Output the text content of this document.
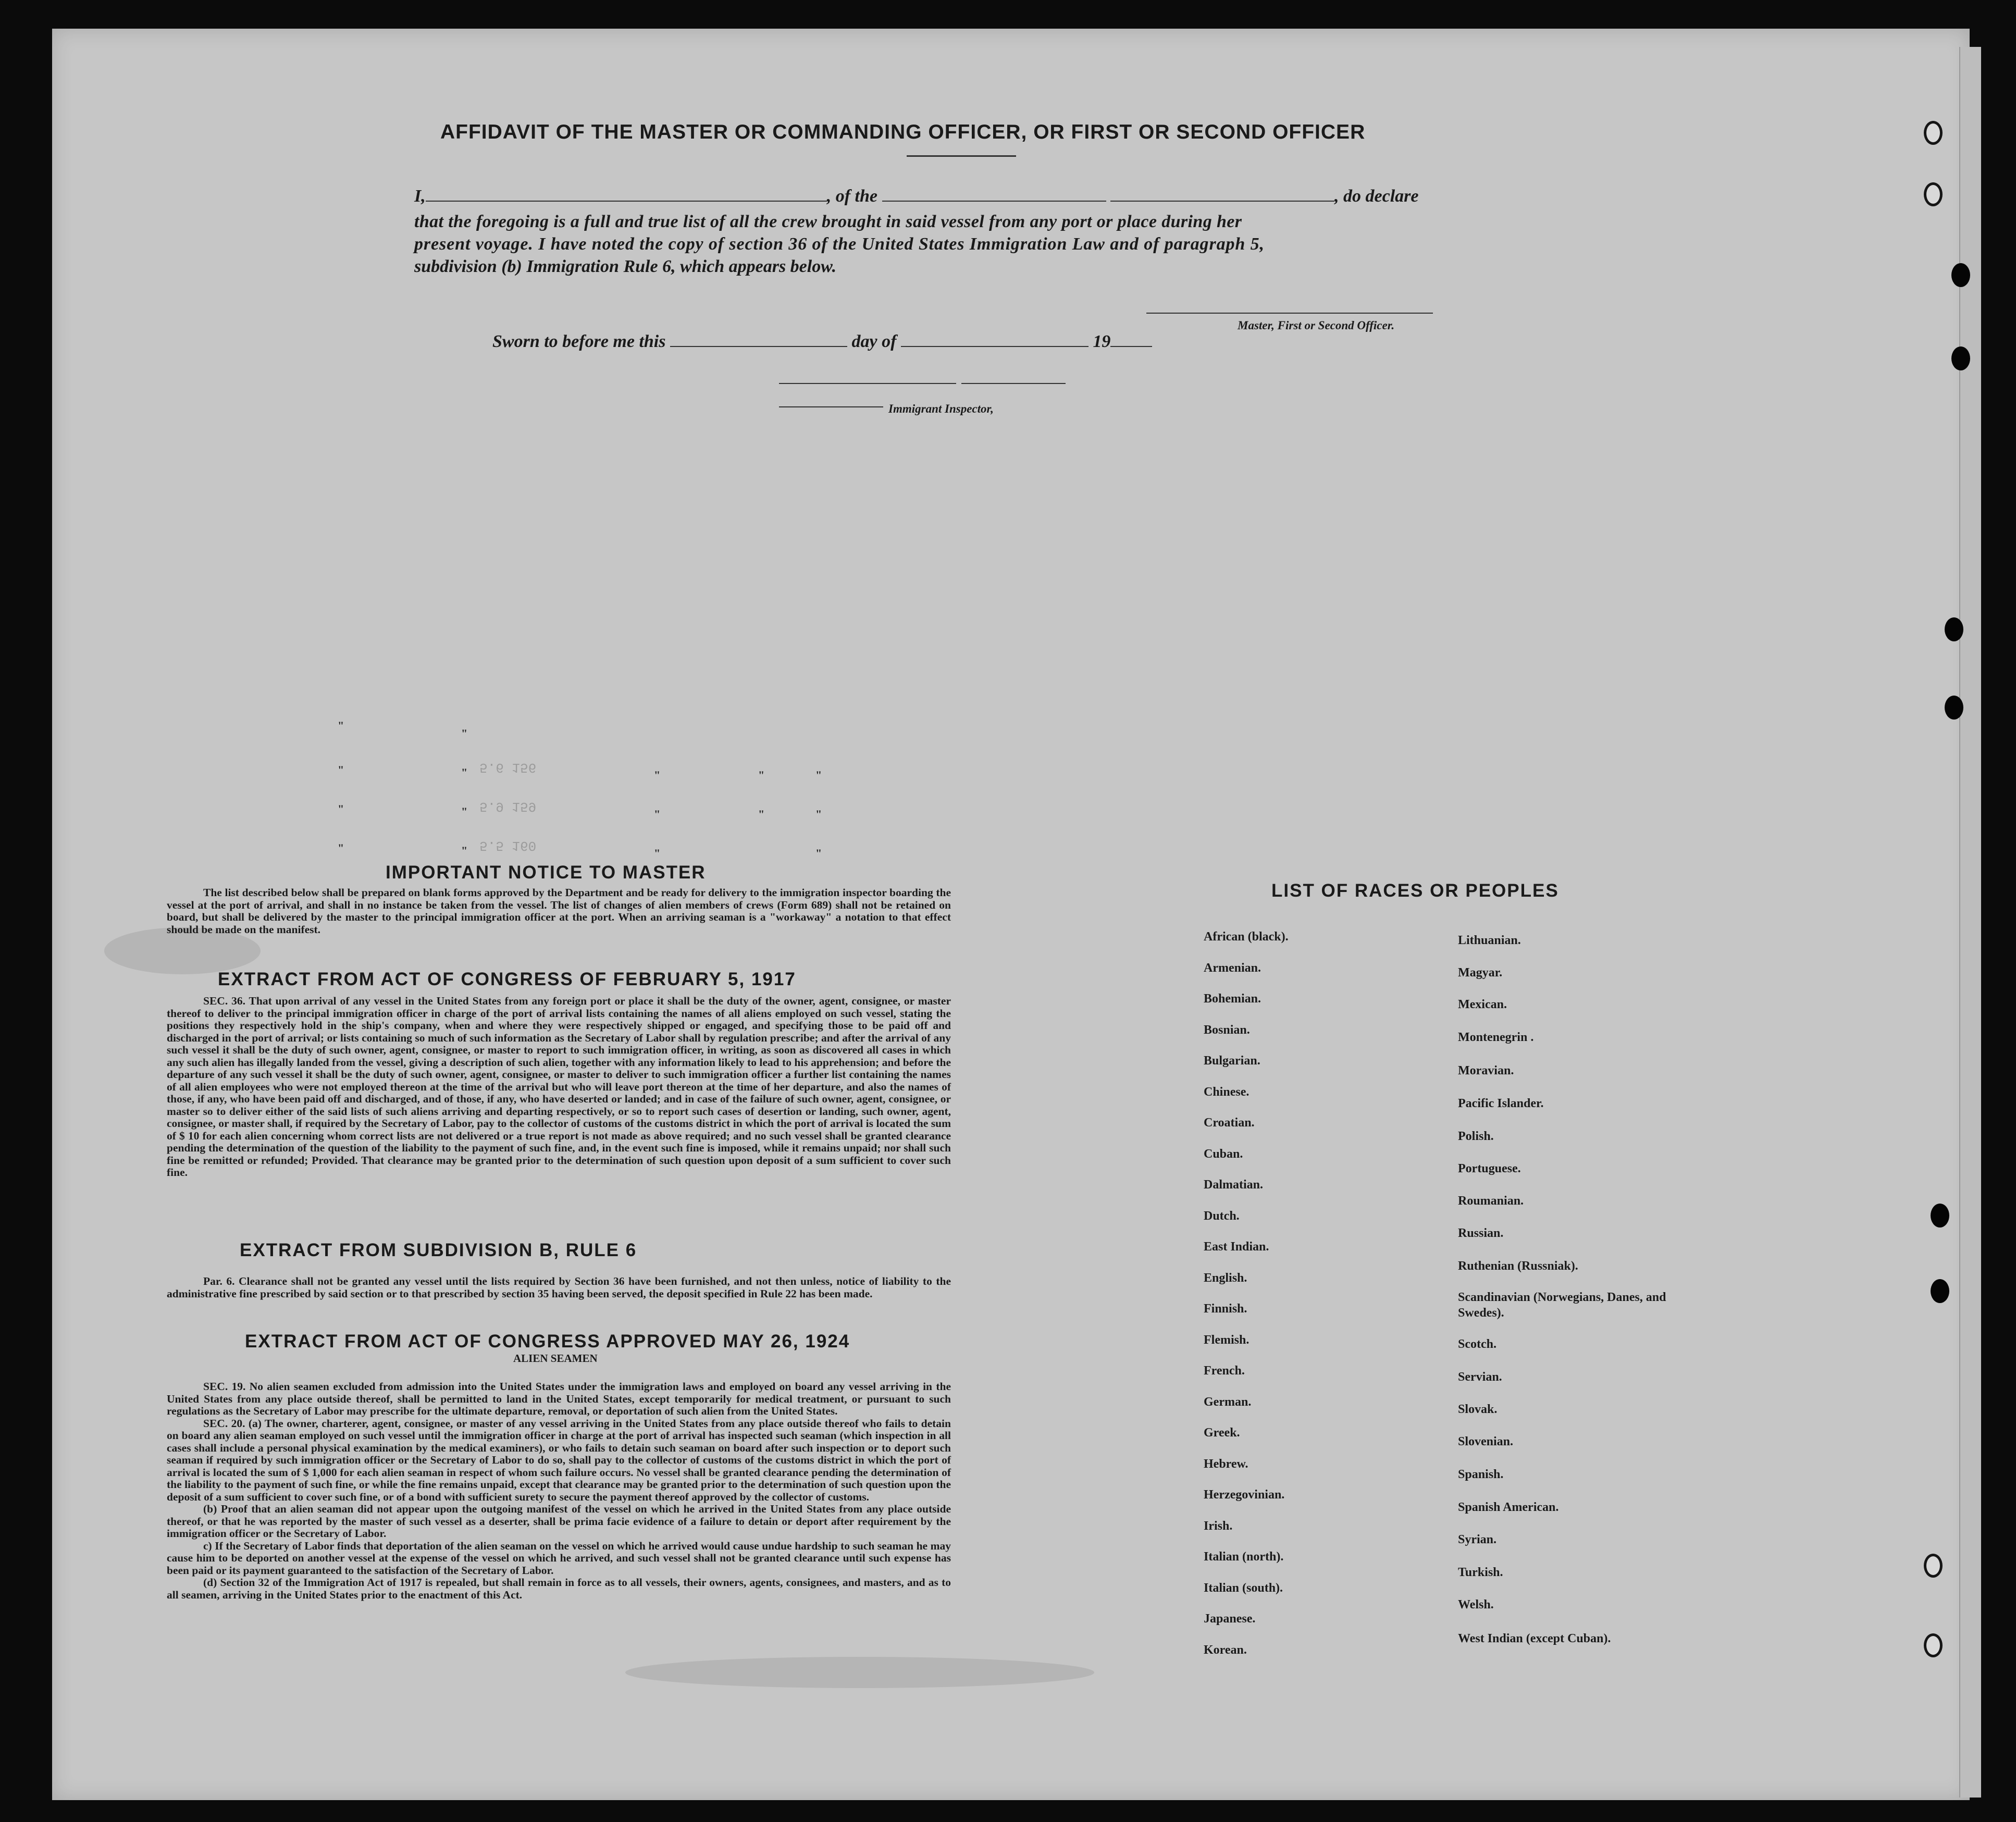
AFFIDAVIT OF THE MASTER OR COMMANDING OFFICER, OR FIRST OR SECOND OFFICER
I,	, of the	, do declare
that the foregoing is a full and true list of all the crew brought in said vessel from any port or place during her
present voyage. I have noted the copy of section 36 of the United States Immigration Law and of paragraph 5,
subdivision (b) Immigration Rule 6, which appears below.
Master, First or Second Officer.
Sworn to before me this	day of	19
Immigrant Inspector,
"
"
"	"	"	"	"
"	"	"	"	"
"	"	"	"
5.6 156
5.9 159
5.5 160
IMPORTANT NOTICE TO MASTER

The list described below shall be prepared on blank forms approved by the Department and be ready for delivery to the immigration inspector boarding the vessel at the port of arrival, and shall in no instance be taken from the vessel. The list of changes of alien members of crews (Form 689) shall not be retained on board, but shall be delivered by the master to the principal immigration officer at the port. When an arriving seaman is a "workaway" a notation to that effect should be made on the manifest.

EXTRACT FROM ACT OF CONGRESS OF FEBRUARY 5, 1917

SEC. 36. That upon arrival of any vessel in the United States from any foreign port or place it shall be the duty of the owner, agent, consignee, or master thereof to deliver to the principal immigration officer in charge of the port of arrival lists containing the names of all aliens employed on such vessel, stating the positions they respectively hold in the ship's company, when and where they were respectively shipped or engaged, and specifying those to be paid off and discharged in the port of arrival; or lists containing so much of such information as the Secretary of Labor shall by regulation prescribe; and after the arrival of any such vessel it shall be the duty of such owner, agent, consignee, or master to report to such immigration officer, in writing, as soon as discovered all cases in which any such alien has illegally landed from the vessel, giving a description of such alien, together with any information likely to lead to his apprehension; and before the departure of any such vessel it shall be the duty of such owner, agent, consignee, or master to deliver to such immigration officer a further list containing the names of all alien employees who were not employed thereon at the time of the arrival but who will leave port thereon at the time of her departure, and also the names of those, if any, who have been paid off and discharged, and of those, if any, who have deserted or landed; and in case of the failure of such owner, agent, consignee, or master so to deliver either of the said lists of such aliens arriving and departing respectively, or so to report such cases of desertion or landing, such owner, agent, consignee, or master shall, if required by the Secretary of Labor, pay to the collector of customs of the customs district in which the port of arrival is located the sum of $ 10 for each alien concerning whom correct lists are not delivered or a true report is not made as above required; and no such vessel shall be granted clearance pending the determination of the question of the liability to the payment of such fine, and, in the event such fine is imposed, while it remains unpaid; nor shall such fine be remitted or refunded; Provided. That clearance may be granted prior to the determination of such question upon deposit of a sum sufficient to cover such fine.

EXTRACT FROM SUBDIVISION B, RULE 6

Par. 6. Clearance shall not be granted any vessel until the lists required by Section 36 have been furnished, and not then unless, notice of liability to the administrative fine prescribed by said section or to that prescribed by section 35 having been served, the deposit specified in Rule 22 has been made.

EXTRACT FROM ACT OF CONGRESS APPROVED MAY 26, 1924
ALIEN SEAMEN

SEC. 19. No alien seamen excluded from admission into the United States under the immigration laws and employed on board any vessel arriving in the United States from any place outside thereof, shall be permitted to land in the United States, except temporarily for medical treatment, or pursuant to such regulations as the Secretary of Labor may prescribe for the ultimate departure, removal, or deportation of such alien from the United States.

SEC. 20. (a) The owner, charterer, agent, consignee, or master of any vessel arriving in the United States from any place outside thereof who fails to detain on board any alien seaman employed on such vessel until the immigration officer in charge at the port of arrival has inspected such seaman (which inspection in all cases shall include a personal physical examination by the medical examiners), or who fails to detain such seaman on board after such inspection or to deport such seaman if required by such immigration officer or the Secretary of Labor to do so, shall pay to the collector of customs of the customs district in which the port of arrival is located the sum of $ 1,000 for each alien seaman in respect of whom such failure occurs. No vessel shall be granted clearance pending the determination of the liability to the payment of such fine, or while the fine remains unpaid, except that clearance may be granted prior to the determination of such question upon the deposit of a sum sufficient to cover such fine, or of a bond with sufficient surety to secure the payment thereof approved by the collector of customs.

(b) Proof that an alien seaman did not appear upon the outgoing manifest of the vessel on which he arrived in the United States from any place outside thereof, or that he was reported by the master of such vessel as a deserter, shall be prima facie evidence of a failure to detain or deport after requirement by the immigration officer or the Secretary of Labor.

c) If the Secretary of Labor finds that deportation of the alien seaman on the vessel on which he arrived would cause undue hardship to such seaman he may cause him to be deported on another vessel at the expense of the vessel on which he arrived, and such vessel shall not be granted clearance until such expense has been paid or its payment guaranteed to the satisfaction of the Secretary of Labor.

(d) Section 32 of the Immigration Act of 1917 is repealed, but shall remain in force as to all vessels, their owners, agents, consignees, and masters, and as to all seamen, arriving in the United States prior to the enactment of this Act.

LIST OF RACES OR PEOPLES
African (black).
Armenian.
Bohemian.
Bosnian.
Bulgarian.
Chinese.
Croatian.
Cuban.
Dalmatian.
Dutch.
East Indian.
English.
Finnish.
Flemish.
French.
German.
Greek.
Hebrew.
Herzegovinian.
Irish.
Italian (north).
Italian (south).
Japanese.
Korean.
Lithuanian.
Magyar.
Mexican.
Montenegrin .
Moravian.
Pacific Islander.
Polish.
Portuguese.
Roumanian.
Russian.
Ruthenian (Russniak).
Scandinavian (Norwegians, Danes, and Swedes).
Scotch.
Servian.
Slovak.
Slovenian.
Spanish.
Spanish American.
Syrian.
Turkish.
Welsh.
West Indian (except Cuban).
